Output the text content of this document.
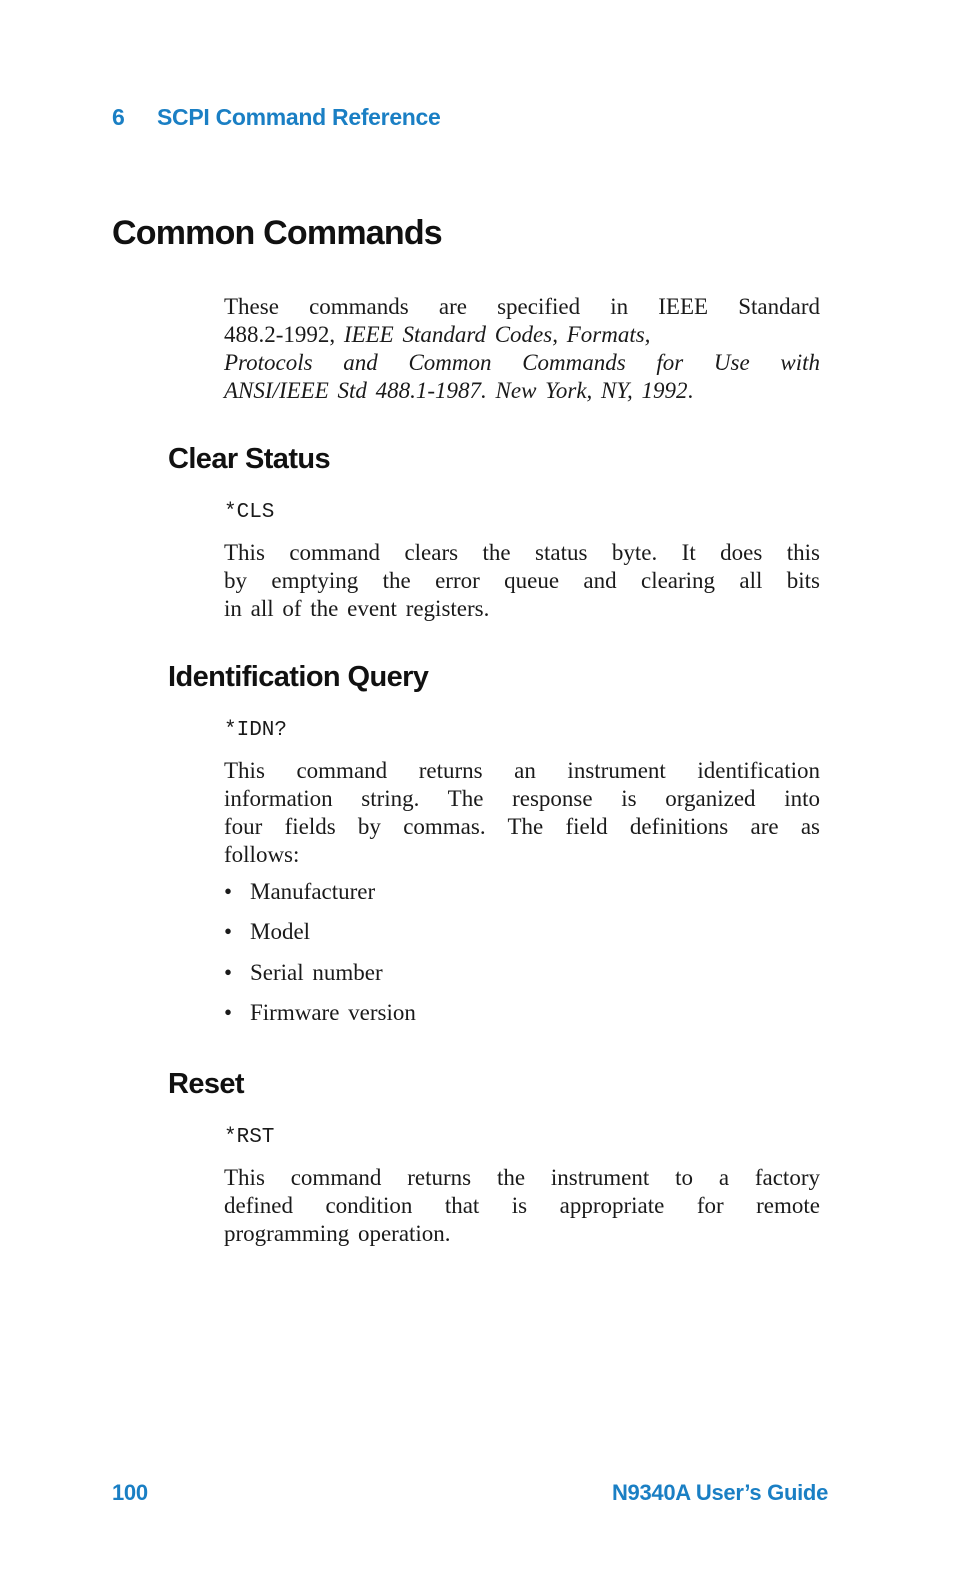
6 SCPI Command Reference
Common Commands

These commands are specified in IEEE Standard
488.2-1992, IEEE Standard Codes, Formats,
Protocols and Common Commands for Use with
ANSI/IEEE Std 488.1-1987. New York, NY, 1992.

Clear Status
*CLS

This command clears the status byte. It does this
by emptying the error queue and clearing all bits
in all of the event registers.

Identification Query
*IDN?

This command returns an instrument identification
information string. The response is organized into
four fields by commas. The field definitions are as
follows:

• Manufacturer
• Model
• Serial number
• Firmware version
Reset
*RST

This command returns the instrument to a factory
defined condition that is appropriate for remote
programming operation.

100	N9340A User’s Guide
